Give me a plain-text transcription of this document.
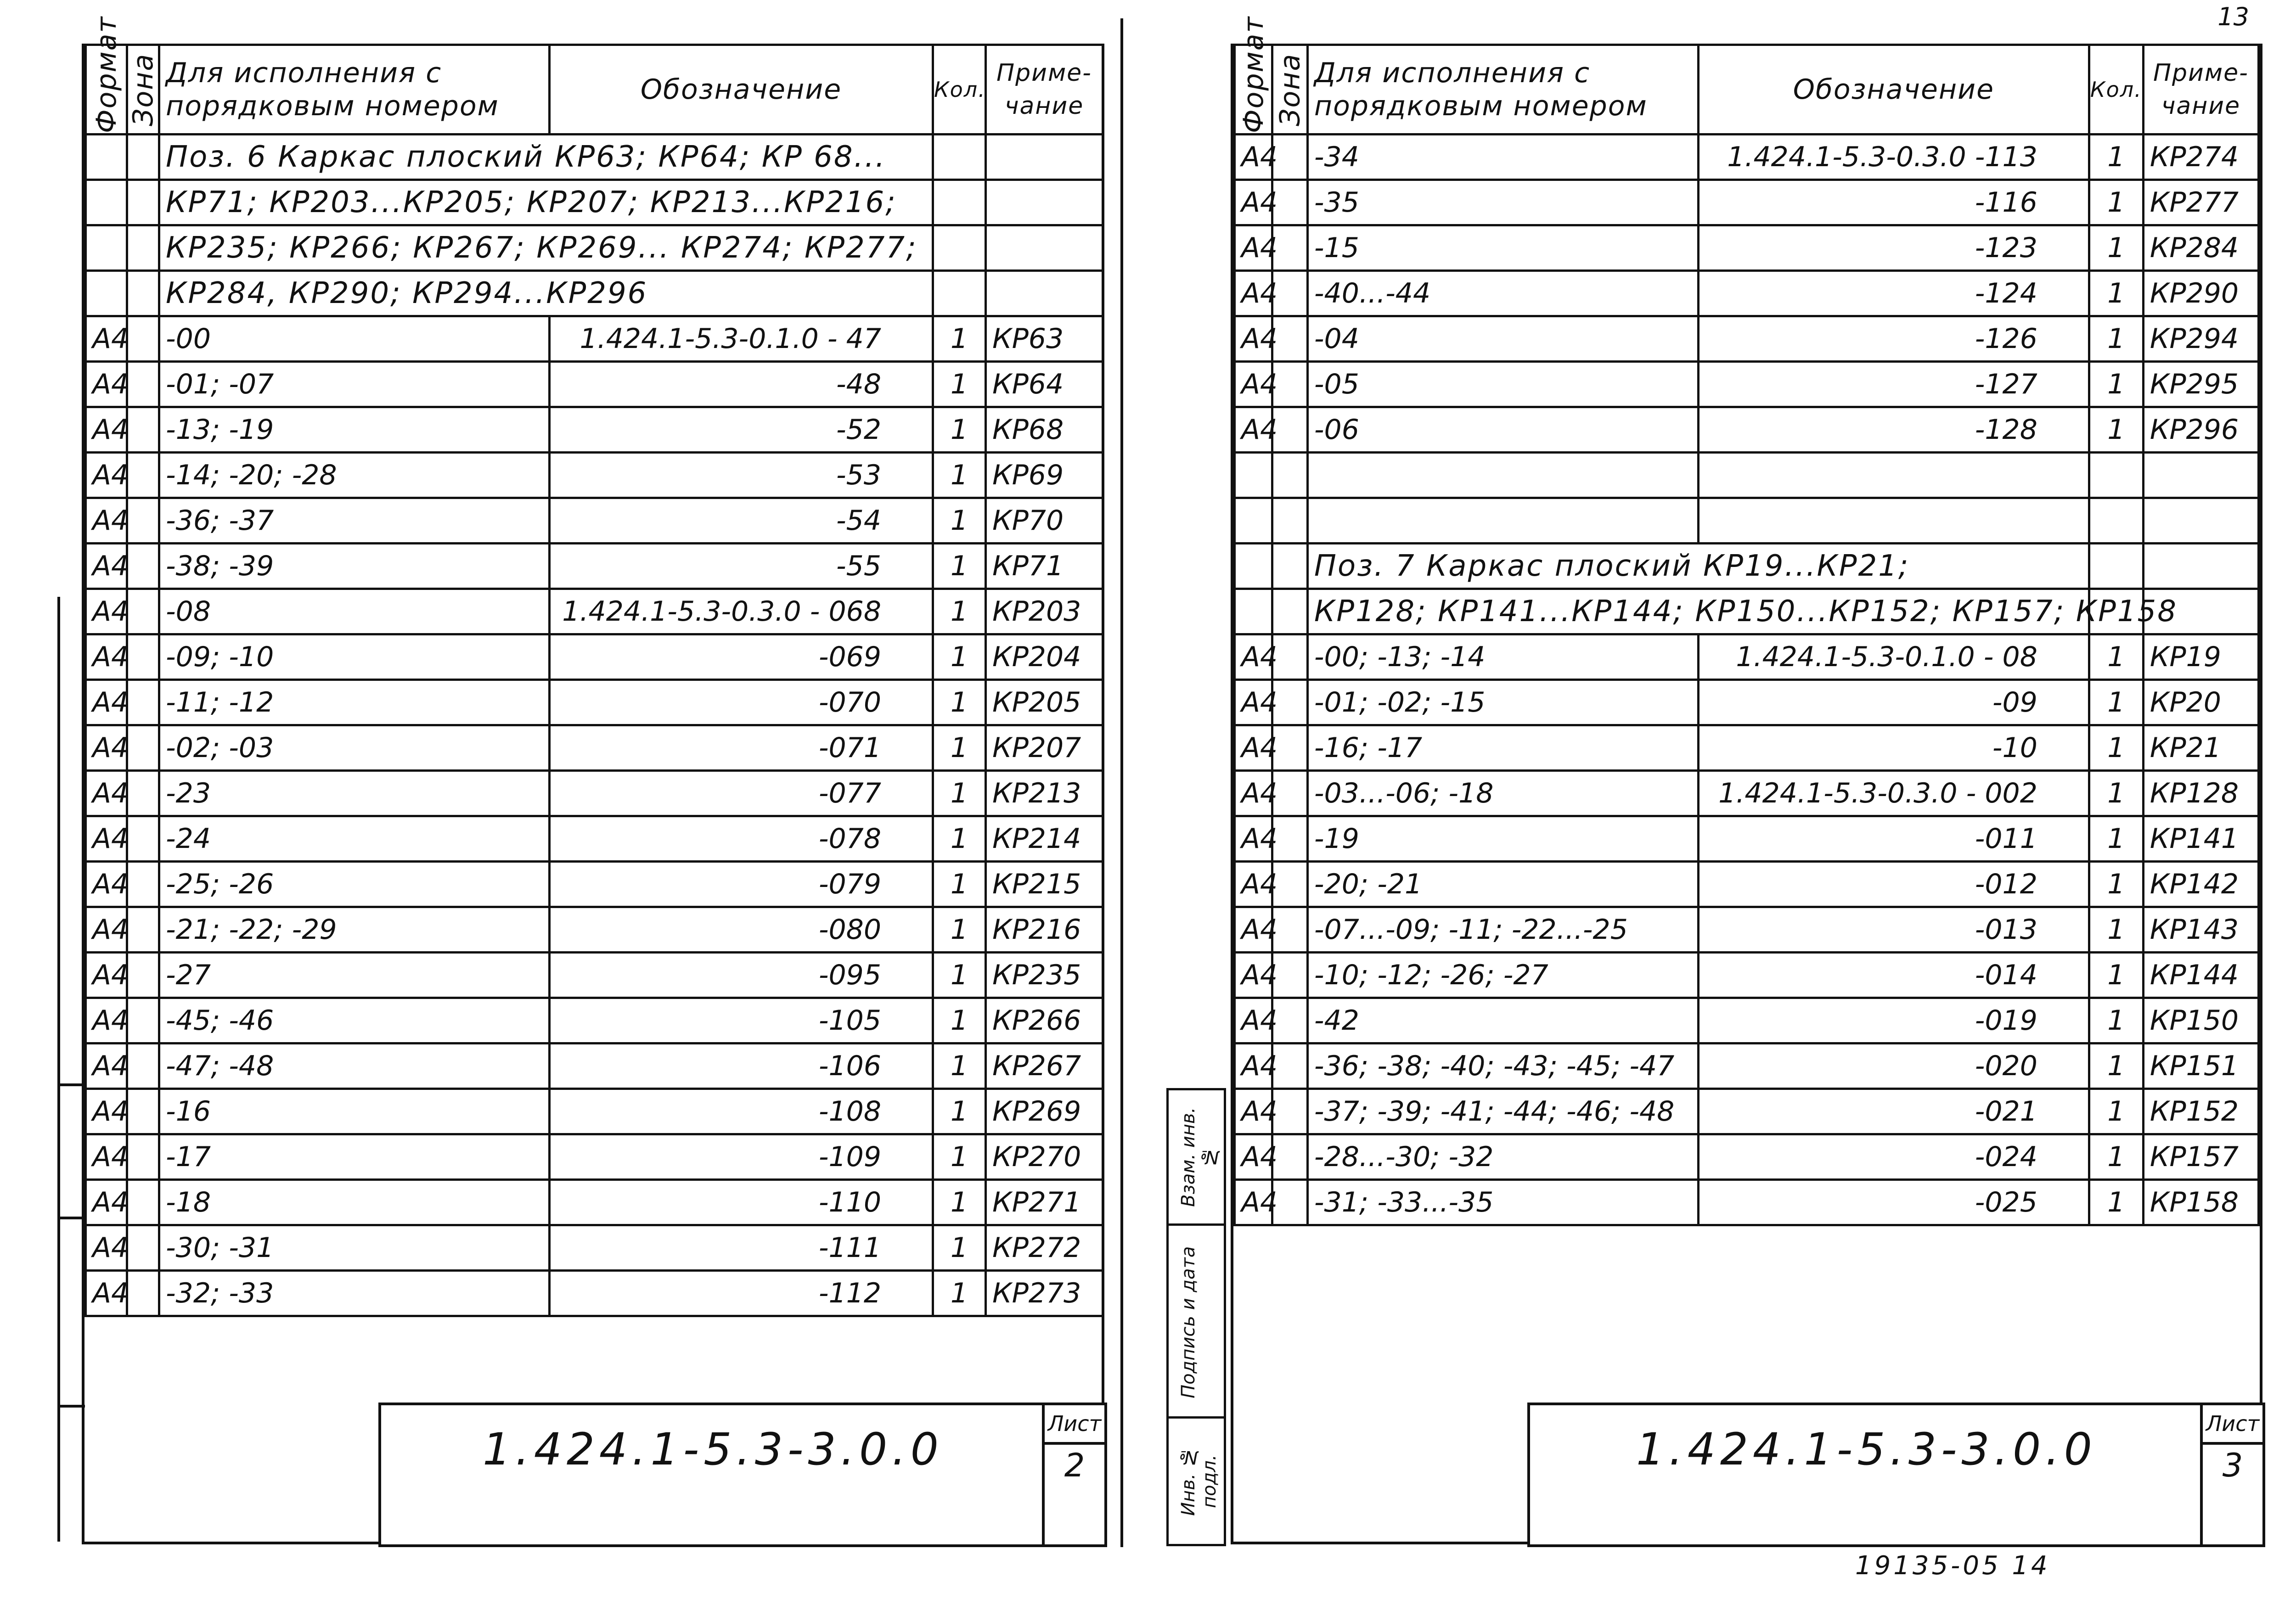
13
Формат	Зона	Для исполнения с порядковым номером	Обозначение	Кол.	Приме-чание
		Поз. 6 Каркас плоский КР63; КР64; КР 68...			
		КР71; КР203...КР205; КР207; КР213...КР216;			
		КР235; КР266; КР267; КР269... КР274; КР277;			
		КР284, КР290; КР294...КР296			
А4		-00	1.424.1-5.3-0.1.0 - 47	1	КР63
А4		-01; -07	-48	1	КР64
А4		-13; -19	-52	1	КР68
А4		-14; -20; -28	-53	1	КР69
А4		-36; -37	-54	1	КР70
А4		-38; -39	-55	1	КР71
А4		-08	1.424.1-5.3-0.3.0 - 068	1	КР203
А4		-09; -10	-069	1	КР204
А4		-11; -12	-070	1	КР205
А4		-02; -03	-071	1	КР207
А4		-23	-077	1	КР213
А4		-24	-078	1	КР214
А4		-25; -26	-079	1	КР215
А4		-21; -22; -29	-080	1	КР216
А4		-27	-095	1	КР235
А4		-45; -46	-105	1	КР266
А4		-47; -48	-106	1	КР267
А4		-16	-108	1	КР269
А4		-17	-109	1	КР270
А4		-18	-110	1	КР271
А4		-30; -31	-111	1	КР272
А4		-32; -33	-112	1	КР273
1.424.1-5.3-3.0.0	Лист
2
Формат	Зона	Для исполнения с порядковым номером	Обозначение	Кол.	Приме-чание
А4		-34	1.424.1-5.3-0.3.0 -113	1	КР274
А4		-35	-116	1	КР277
А4		-15	-123	1	КР284
А4		-40...-44	-124	1	КР290
А4		-04	-126	1	КР294
А4		-05	-127	1	КР295
А4		-06	-128	1	КР296

		Поз. 7 Каркас плоский КР19...КР21;			
		КР128; КР141...КР144; КР150...КР152; КР157; КР158			
А4		-00; -13; -14	1.424.1-5.3-0.1.0 - 08	1	КР19
А4		-01; -02; -15	-09	1	КР20
А4		-16; -17	-10	1	КР21
А4		-03...-06; -18	1.424.1-5.3-0.3.0 - 002	1	КР128
А4		-19	-011	1	КР141
А4		-20; -21	-012	1	КР142
А4		-07...-09; -11; -22...-25	-013	1	КР143
А4		-10; -12; -26; -27	-014	1	КР144
А4		-42	-019	1	КР150
А4		-36; -38; -40; -43; -45; -47	-020	1	КР151
А4		-37; -39; -41; -44; -46; -48	-021	1	КР152
А4		-28...-30; -32	-024	1	КР157
А4		-31; -33...-35	-025	1	КР158
1.424.1-5.3-3.0.0	Лист
3
Взам. инв. №
Подпись и дата
Инв. № подл.
19135-05 14
